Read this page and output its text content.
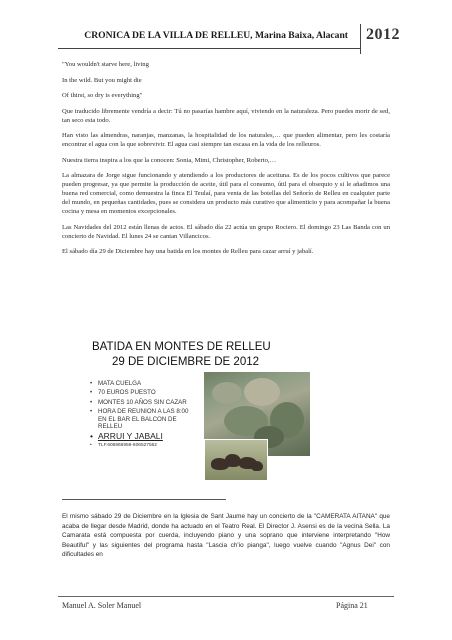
CRONICA DE LA VILLA DE RELLEU, Marina Baixa, Alacant 2012

"You wouldn't starve here, living

In the wild. But you might die

Of thirst, so dry is everything"

Que traducido libremente vendría a decir: Tú no pasarías hambre aquí, viviendo en la naturaleza. Pero puedes morir de sed, tan seco esta todo.

Han visto las almendras, naranjas, manzanas, la hospitalidad de los naturales,… que pueden alimentar, pero les costaría encontrar el agua con la que sobrevivir. El agua casi siempre tan escasa en la vida de los relleuros.

Nuestra tierra inspira a los que la conocen: Sonia, Mimi, Christopher, Roberto,…

La almazara de Jorge sigue funcionando y atendiendo a los productores de aceituna. Es de los pocos cultivos que parece pueden progresar, ya que permite la producción de aceite, útil para el consumo, útil para el obsequio y si le añadimos una buena red comercial, como demuestra la finca El Teulaí, para venta de las botellas del Señorío de Relleu en cualquier parte del mundo, en pequeñas cantidades, pues se considera un producto más curativo que alimenticio y para acompañar la buena cocina y mesa en momentos excepcionales.

Las Navidades del 2012 están llenas de actos. El sábado día 22 actúa un grupo Rociero. El domingo 23 Las Banda con un concierto de Navidad. El lunes 24 se cantan Villancicos.

El sábado día 29 de Diciembre hay una batida en los montes de Relleu para cazar arruí y jabalí.

BATIDA EN MONTES DE RELLEU
29 DE DICIEMBRE DE 2012
• MATA CUELGA
• 70 EUROS PUESTO
• MONTES 10 AÑOS SIN CAZAR
• HORA DE REUNION A LAS 8:00 EN EL BAR EL BALCON DE RELLEU
• ARRUI Y JABALI
• TLF.606866958-606527562
El mismo sábado 29 de Diciembre en la Iglesia de Sant Jaume hay un concierto de la "CAMERATA AITANA" que acaba de llegar desde Madrid, donde ha actuado en el Teatro Real. El Director J. Asensi es de la vecina Sella. La Camarata está compuesta por cuerda, incluyendo piano y una soprano que interviene interpretando "How Beautiful" y las siguientes del programa hasta "Lascia ch'io pianga", luego vuelve cuando "Agnus Dei" con dificultades en
Manuel A. Soler Manuel	Página 21
